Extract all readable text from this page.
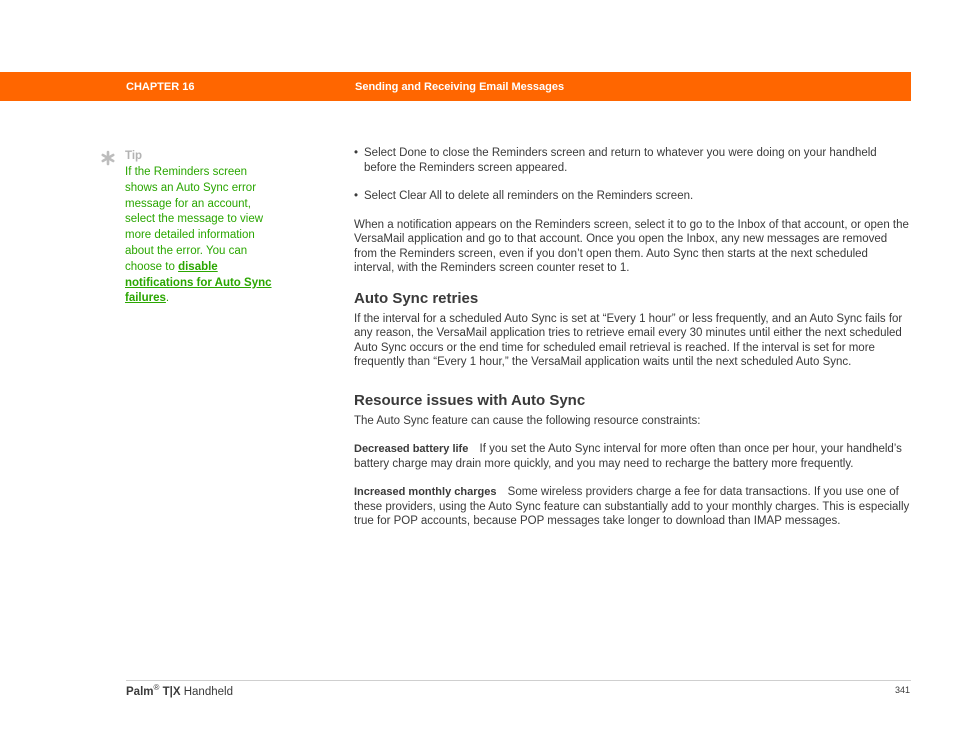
CHAPTER 16	Sending and Receiving Email Messages
Tip
If the Reminders screen shows an Auto Sync error message for an account, select the message to view more detailed information about the error. You can choose to disable notifications for Auto Sync failures.
• Select Done to close the Reminders screen and return to whatever you were doing on your handheld before the Reminders screen appeared.
• Select Clear All to delete all reminders on the Reminders screen.

When a notification appears on the Reminders screen, select it to go to the Inbox of that account, or open the VersaMail application and go to that account. Once you open the Inbox, any new messages are removed from the Reminders screen, even if you don’t open them. Auto Sync then starts at the next scheduled interval, with the Reminders screen counter reset to 1.

Auto Sync retries

If the interval for a scheduled Auto Sync is set at “Every 1 hour” or less frequently, and an Auto Sync fails for any reason, the VersaMail application tries to retrieve email every 30 minutes until either the next scheduled Auto Sync occurs or the end time for scheduled email retrieval is reached. If the interval is set for more frequently than “Every 1 hour,” the VersaMail application waits until the next scheduled Auto Sync.

Resource issues with Auto Sync

The Auto Sync feature can cause the following resource constraints:

Decreased battery life If you set the Auto Sync interval for more often than once per hour, your handheld’s battery charge may drain more quickly, and you may need to recharge the battery more frequently.

Increased monthly charges Some wireless providers charge a fee for data transactions. If you use one of these providers, using the Auto Sync feature can substantially add to your monthly charges. This is especially true for POP accounts, because POP messages take longer to download than IMAP messages.

Palm® T|X Handheld	341
